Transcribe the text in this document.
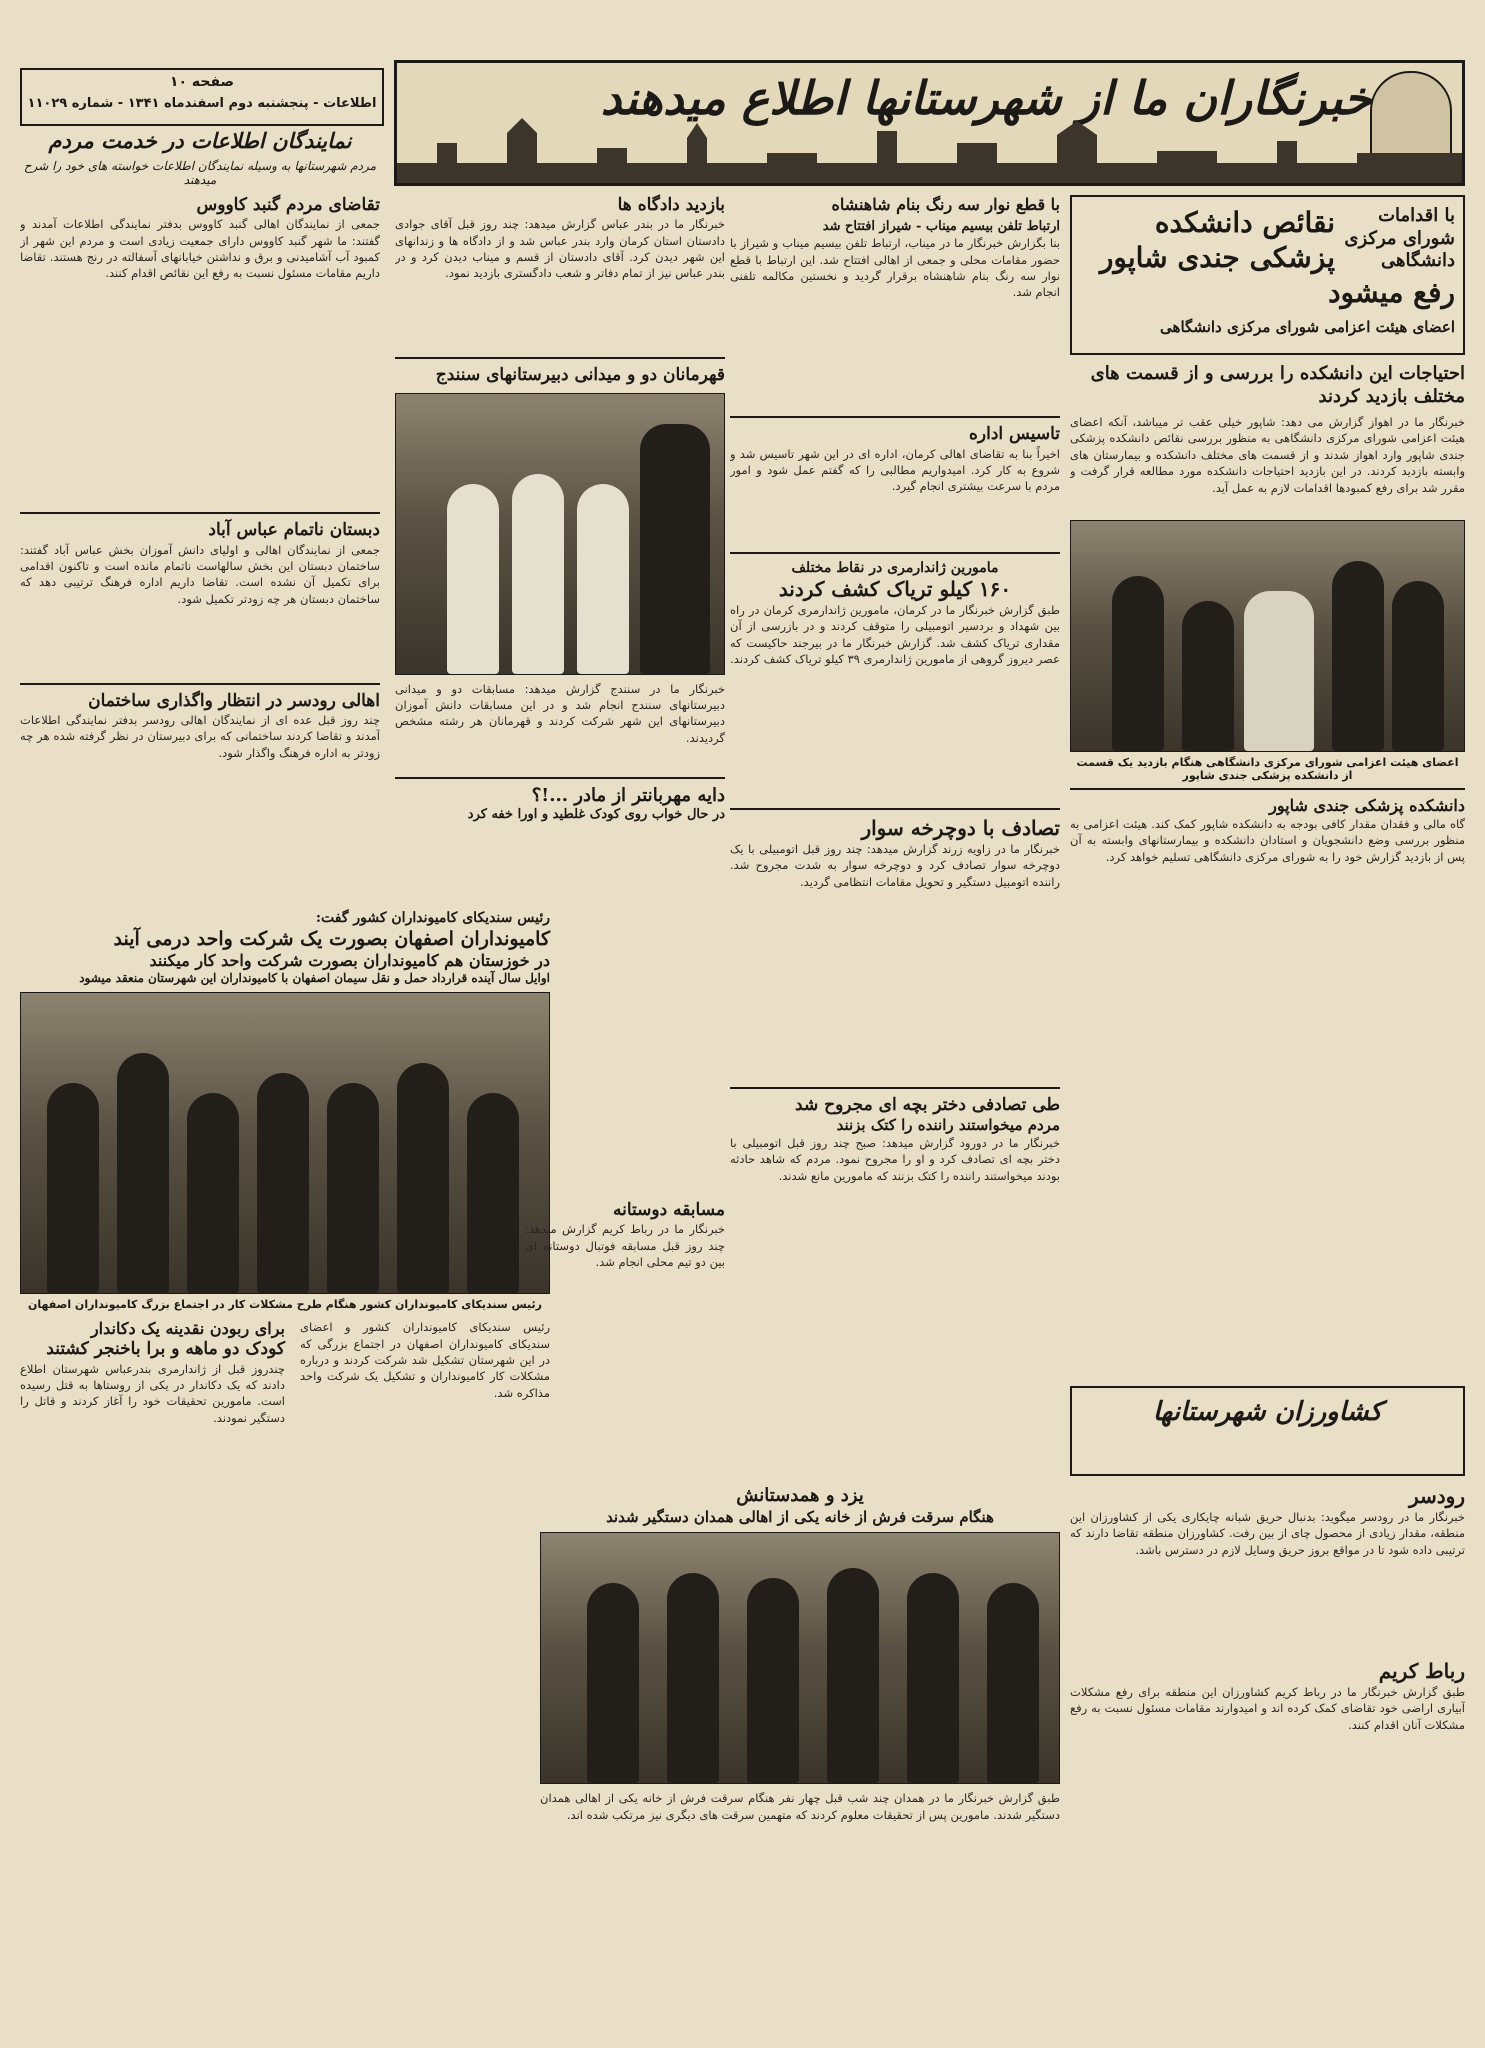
خبرنگاران ما از شهرستانها اطلاع میدهند
صفحه ۱۰
اطلاعات - پنجشنبه دوم اسفندماه ۱۳۴۱ - شماره ۱۱۰۲۹
نمایندگان اطلاعات در خدمت مردم
مردم شهرستانها به وسیله نمایندگان اطلاعات خواسته های خود را شرح میدهند
با اقدامات شورای مرکزی دانشگاهی
نقائص دانشکده پزشکی جندی شاپور رفع میشود
اعضای هیئت اعزامی شورای مرکزی دانشگاهی
احتیاجات این دانشکده را بررسی و از قسمت های مختلف بازدید کردند
خبرنگار ما در اهواز گزارش می دهد: شاپور خیلی عقب تر میباشد، آنکه اعضای هیئت اعزامی شورای مرکزی دانشگاهی به منظور بررسی نقائص دانشکده پزشکی جندی شاپور وارد اهواز شدند و از قسمت های مختلف دانشکده و بیمارستان های وابسته بازدید کردند. در این بازدید احتیاجات دانشکده مورد مطالعه قرار گرفت و مقرر شد برای رفع کمبودها اقدامات لازم به عمل آید.
اعضای هیئت اعزامی شورای مرکزی دانشگاهی هنگام بازدید یک قسمت از دانشکده پزشکی جندی شاپور
دانشکده پزشکی جندی شاپور
گاه مالی و فقدان مقدار کافی بودجه به دانشکده شاپور کمک کند. هیئت اعزامی به منظور بررسی وضع دانشجویان و استادان دانشکده و بیمارستانهای وابسته به آن پس از بازدید گزارش خود را به شورای مرکزی دانشگاهی تسلیم خواهد کرد.
کشاورزان شهرستانها
رودسر
خبرنگار ما در رودسر میگوید: بدنبال حریق شبانه چایکاری یکی از کشاورزان این منطقه، مقدار زیادی از محصول چای از بین رفت. کشاورزان منطقه تقاضا دارند که ترتیبی داده شود تا در مواقع بروز حریق وسایل لازم در دسترس باشد.
رباط کریم
طبق گزارش خبرنگار ما در رباط کریم کشاورزان این منطقه برای رفع مشکلات آبیاری اراضی خود تقاضای کمک کرده اند و امیدوارند مقامات مسئول نسبت به رفع مشکلات آنان اقدام کنند.
با قطع نوار سه رنگ بنام شاهنشاه
ارتباط تلفن بیسیم میناب - شیراز افتتاح شد
بنا بگزارش خبرنگار ما در میناب، ارتباط تلفن بیسیم میناب و شیراز با حضور مقامات محلی و جمعی از اهالی افتتاح شد. این ارتباط با قطع نوار سه رنگ بنام شاهنشاه برقرار گردید و نخستین مکالمه تلفنی انجام شد.
تاسیس اداره
اخیراً بنا به تقاضای اهالی کرمان، اداره ای در این شهر تاسیس شد و شروع به کار کرد. امیدواریم مطالبی را که گفتم عمل شود و امور مردم با سرعت بیشتری انجام گیرد.
مامورین ژاندارمری در نقاط مختلف
۱۶۰ کیلو تریاک کشف کردند
طبق گزارش خبرنگار ما در کرمان، مامورین ژاندارمری کرمان در راه بین شهداد و بردسیر اتومبیلی را متوقف کردند و در بازرسی از آن مقداری تریاک کشف شد. گزارش خبرنگار ما در بیرجند حاکیست که عصر دیروز گروهی از مامورین ژاندارمری ۳۹ کیلو تریاک کشف کردند.
تصادف با دوچرخه سوار
خبرنگار ما در زاویه زرند گزارش میدهد: چند روز قبل اتومبیلی با یک دوچرخه سوار تصادف کرد و دوچرخه سوار به شدت مجروح شد. راننده اتومبیل دستگیر و تحویل مقامات انتظامی گردید.
طی تصادفی دختر بچه ای مجروح شد
مردم میخواستند راننده را کتک بزنند
خبرنگار ما در دورود گزارش میدهد: صبح چند روز قبل اتومبیلی با دختر بچه ای تصادف کرد و او را مجروح نمود. مردم که شاهد حادثه بودند میخواستند راننده را کتک بزنند که مامورین مانع شدند.
بازدید دادگاه ها
خبرنگار ما در بندر عباس گزارش میدهد: چند روز قبل آقای جوادی دادستان استان کرمان وارد بندر عباس شد و از دادگاه ها و زندانهای این شهر دیدن کرد. آقای دادستان از قسم و میناب دیدن کرد و در بندر عباس نیز از تمام دفاتر و شعب دادگستری بازدید نمود.
قهرمانان دو و میدانی دبیرستانهای سنندج
خبرنگار ما در سنندج گزارش میدهد: مسابقات دو و میدانی دبیرستانهای سنندج انجام شد و در این مسابقات دانش آموزان دبیرستانهای این شهر شرکت کردند و قهرمانان هر رشته مشخص گردیدند.
دایه مهربانتر از مادر ...!؟
در حال خواب روی کودک غلطید و اورا خفه کرد
تقاضای مردم گنبد کاووس
جمعی از نمایندگان اهالی گنبد کاووس بدفتر نمایندگی اطلاعات آمدند و گفتند: ما شهر گنبد کاووس دارای جمعیت زیادی است و مردم این شهر از کمبود آب آشامیدنی و برق و نداشتن خیابانهای آسفالته در رنج هستند. تقاضا داریم مقامات مسئول نسبت به رفع این نقائص اقدام کنند.
دبستان ناتمام عباس آباد
جمعی از نمایندگان اهالی و اولیای دانش آموزان بخش عباس آباد گفتند: ساختمان دبستان این بخش سالهاست ناتمام مانده است و تاکنون اقدامی برای تکمیل آن نشده است. تقاضا داریم اداره فرهنگ ترتیبی دهد که ساختمان دبستان هر چه زودتر تکمیل شود.
اهالی رودسر در انتظار واگذاری ساختمان
چند روز قبل عده ای از نمایندگان اهالی رودسر بدفتر نمایندگی اطلاعات آمدند و تقاضا کردند ساختمانی که برای دبیرستان در نظر گرفته شده هر چه زودتر به اداره فرهنگ واگذار شود.
رئیس سندیکای کامیونداران کشور گفت:
کامیونداران اصفهان بصورت یک شرکت واحد درمی آیند
در خوزستان هم کامیونداران بصورت شرکت واحد کار میکنند
اوایل سال آینده قرارداد حمل و نقل سیمان اصفهان با کامیونداران این شهرستان منعقد میشود
رئیس سندیکای کامیونداران کشور هنگام طرح مشکلات کار در اجتماع بزرگ کامیونداران اصفهان
رئیس سندیکای کامیونداران کشور و اعضای سندیکای کامیونداران اصفهان در اجتماع بزرگی که در این شهرستان تشکیل شد شرکت کردند و درباره مشکلات کار کامیونداران و تشکیل یک شرکت واحد مذاکره شد.
برای ربودن نقدینه یک دکاندار
کودک دو ماهه و برا باخنجر کشتند
چندروز قبل از ژاندارمری بندرعباس شهرستان اطلاع دادند که یک دکاندار در یکی از روستاها به قتل رسیده است. مامورین تحقیقات خود را آغاز کردند و قاتل را دستگیر نمودند.
مسابقه دوستانه
خبرنگار ما در رباط کریم گزارش میدهد: چند روز قبل مسابقه فوتبال دوستانه ای بین دو تیم محلی انجام شد.
یزد و همدستانش
هنگام سرقت فرش از خانه یکی از اهالی همدان دستگیر شدند
طبق گزارش خبرنگار ما در همدان چند شب قبل چهار نفر هنگام سرقت فرش از خانه یکی از اهالی همدان دستگیر شدند. مامورین پس از تحقیقات معلوم کردند که متهمین سرقت های دیگری نیز مرتکب شده اند.
